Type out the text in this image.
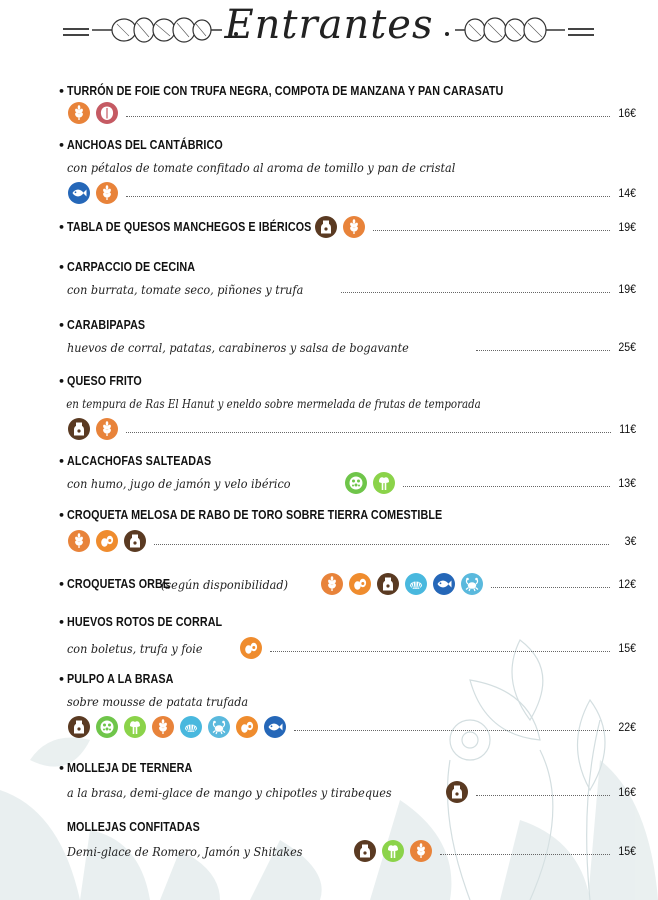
Entrantes
• TURRÓN DE FOIE CON TRUFA NEGRA, COMPOTA DE MANZANA Y PAN CARASATU
16€
• ANCHOAS DEL CANTÁBRICO
con pétalos de tomate confitado al aroma de tomillo y pan de cristal
14€
• TABLA DE QUESOS MANCHEGOS E IBÉRICOS	19€
• CARPACCIO DE CECINA
con burrata, tomate seco, piñones y trufa	19€
• CARABIPAPAS
huevos de corral, patatas, carabineros y salsa de bogavante	25€
• QUESO FRITO
en tempura de Ras El Hanut y eneldo sobre mermelada de frutas de temporada
11€
• ALCACHOFAS SALTEADAS
con humo, jugo de jamón y velo ibérico	13€
• CROQUETA MELOSA DE RABO DE TORO SOBRE TIERRA COMESTIBLE
3€
• CROQUETAS ORBE
(según disponibilidad)	12€
• HUEVOS ROTOS DE CORRAL
con boletus, trufa y foie	15€
• PULPO A LA BRASA
sobre mousse de patata trufada
22€
• MOLLEJA DE TERNERA
a la brasa, demi-glace de mango y chipotles y tirabeques	16€
MOLLEJAS CONFITADAS
Demi-glace de Romero, Jamón y Shitakes	15€
